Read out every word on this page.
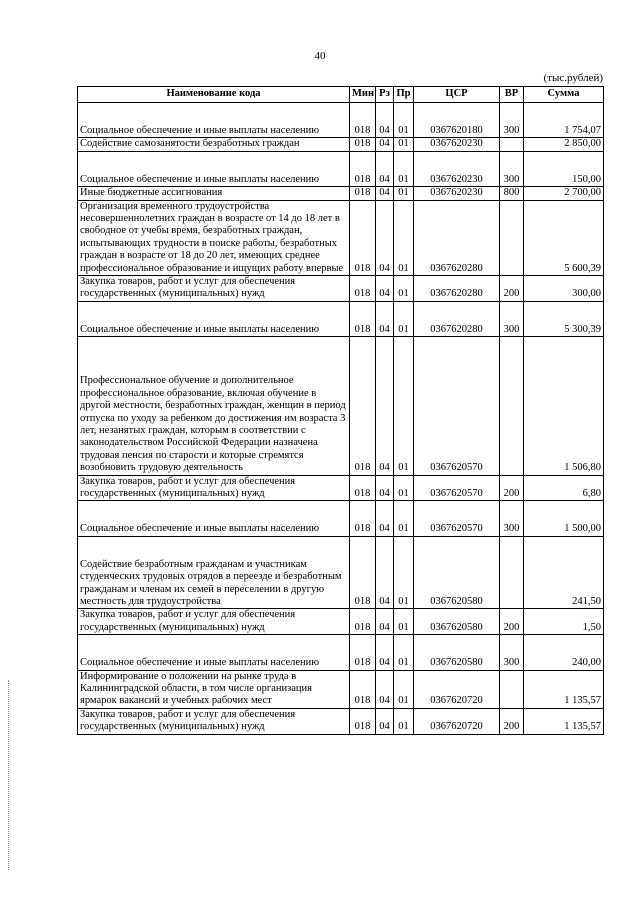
40
(тыс.рублей)
Наименование кода	Мин	Рз	Пр	ЦСР	ВР	Сумма
Социальное обеспечение и иные выплаты населению	018	04	01	0367620180	300	1 754,07
Содействие самозанятости безработных граждан	018	04	01	0367620230		2 850,00
Социальное обеспечение и иные выплаты населению	018	04	01	0367620230	300	150,00
Иные бюджетные ассигнования	018	04	01	0367620230	800	2 700,00
Организация временного трудоустройства несовершеннолетних граждан в возрасте от 14 до 18 лет в свободное от учебы время, безработных граждан, испытывающих трудности в поиске работы, безработных граждан в возрасте от 18 до 20 лет, имеющих среднее профессиональное образование и ищущих работу впервые	018	04	01	0367620280		5 600,39
Закупка товаров, работ и услуг для обеспечения государственных (муниципальных) нужд	018	04	01	0367620280	200	300,00
Социальное обеспечение и иные выплаты населению	018	04	01	0367620280	300	5 300,39
Профессиональное обучение и дополнительное профессиональное образование, включая обучение в другой местности, безработных граждан, женщин в период отпуска по уходу за ребенком до достижения им возраста 3 лет, незанятых граждан, которым в соответствии с законодательством Российской Федерации назначена трудовая пенсия по старости и которые стремятся возобновить трудовую деятельность	018	04	01	0367620570		1 506,80
Закупка товаров, работ и услуг для обеспечения государственных (муниципальных) нужд	018	04	01	0367620570	200	6,80
Социальное обеспечение и иные выплаты населению	018	04	01	0367620570	300	1 500,00
Содействие безработным гражданам и участникам студенческих трудовых отрядов в переезде и безработным гражданам и членам их семей в переселении в другую местность для трудоустройства	018	04	01	0367620580		241,50
Закупка товаров, работ и услуг для обеспечения государственных (муниципальных) нужд	018	04	01	0367620580	200	1,50
Социальное обеспечение и иные выплаты населению	018	04	01	0367620580	300	240,00
Информирование о положении на рынке труда в Калининградской области, в том числе организация ярмарок вакансий и учебных рабочих мест	018	04	01	0367620720		1 135,57
Закупка товаров, работ и услуг для обеспечения государственных (муниципальных) нужд	018	04	01	0367620720	200	1 135,57
